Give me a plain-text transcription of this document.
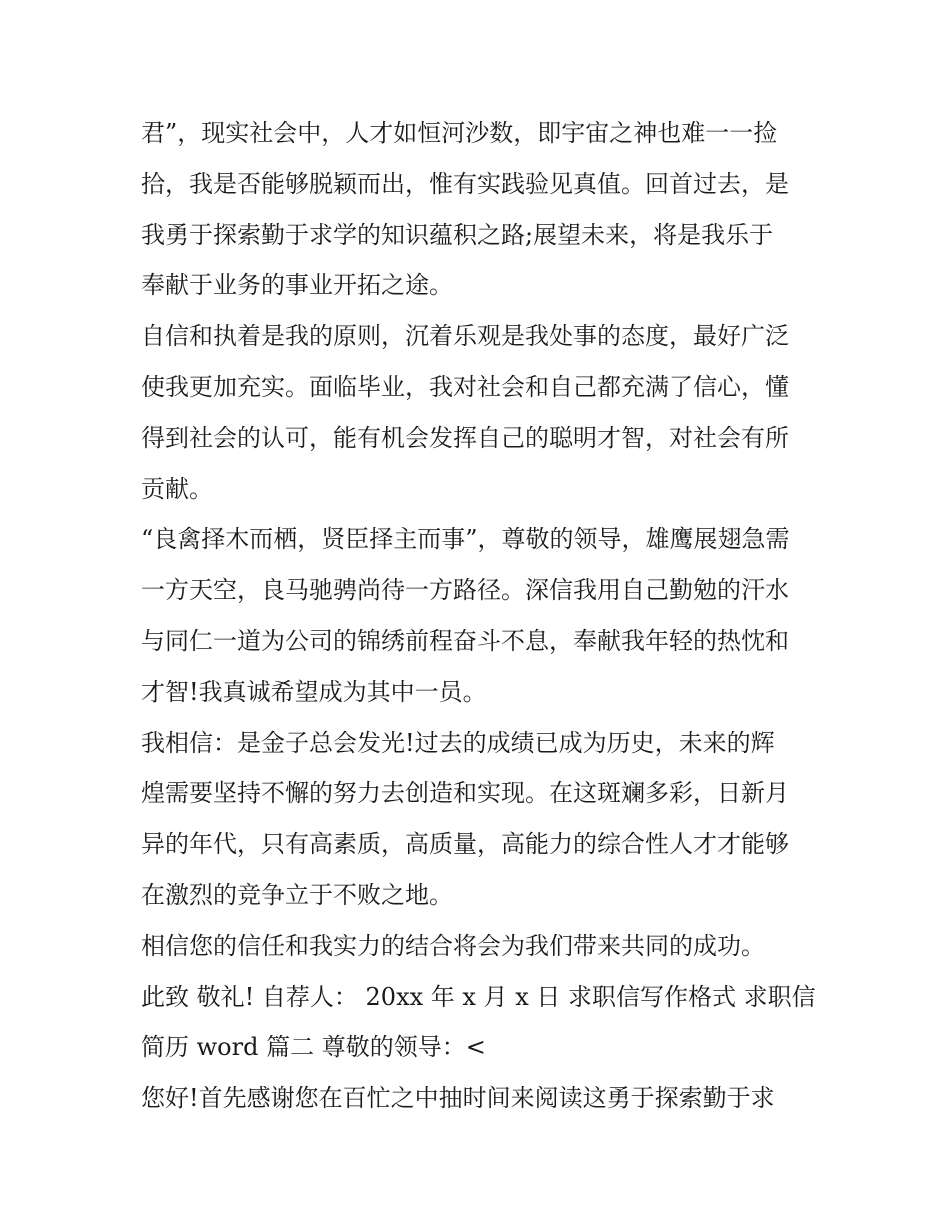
君”，现实社会中，人才如恒河沙数，即宇宙之神也难一一捡
拾，我是否能够脱颖而出，惟有实践验见真值。回首过去，是
我勇于探索勤于求学的知识蕴积之路;展望未来，将是我乐于
奉献于业务的事业开拓之途。

自信和执着是我的原则，沉着乐观是我处事的态度，最好广泛
使我更加充实。面临毕业，我对社会和自己都充满了信心，懂
得到社会的认可，能有机会发挥自己的聪明才智，对社会有所
贡献。

“良禽择木而栖，贤臣择主而事”，尊敬的领导，雄鹰展翅急需
一方天空，良马驰骋尚待一方路径。深信我用自己勤勉的汗水
与同仁一道为公司的锦绣前程奋斗不息，奉献我年轻的热忱和
才智!我真诚希望成为其中一员。

我相信：是金子总会发光!过去的成绩已成为历史，未来的辉
煌需要坚持不懈的努力去创造和实现。在这斑斓多彩，日新月
异的年代，只有高素质，高质量，高能力的综合性人才才能够
在激烈的竞争立于不败之地。

相信您的信任和我实力的结合将会为我们带来共同的成功。

此致 敬礼! 自荐人： 20xx 年 x 月 x 日 求职信写作格式 求职信
简历 word 篇二 尊敬的领导：<

您好!首先感谢您在百忙之中抽时间来阅读这勇于探索勤于求
